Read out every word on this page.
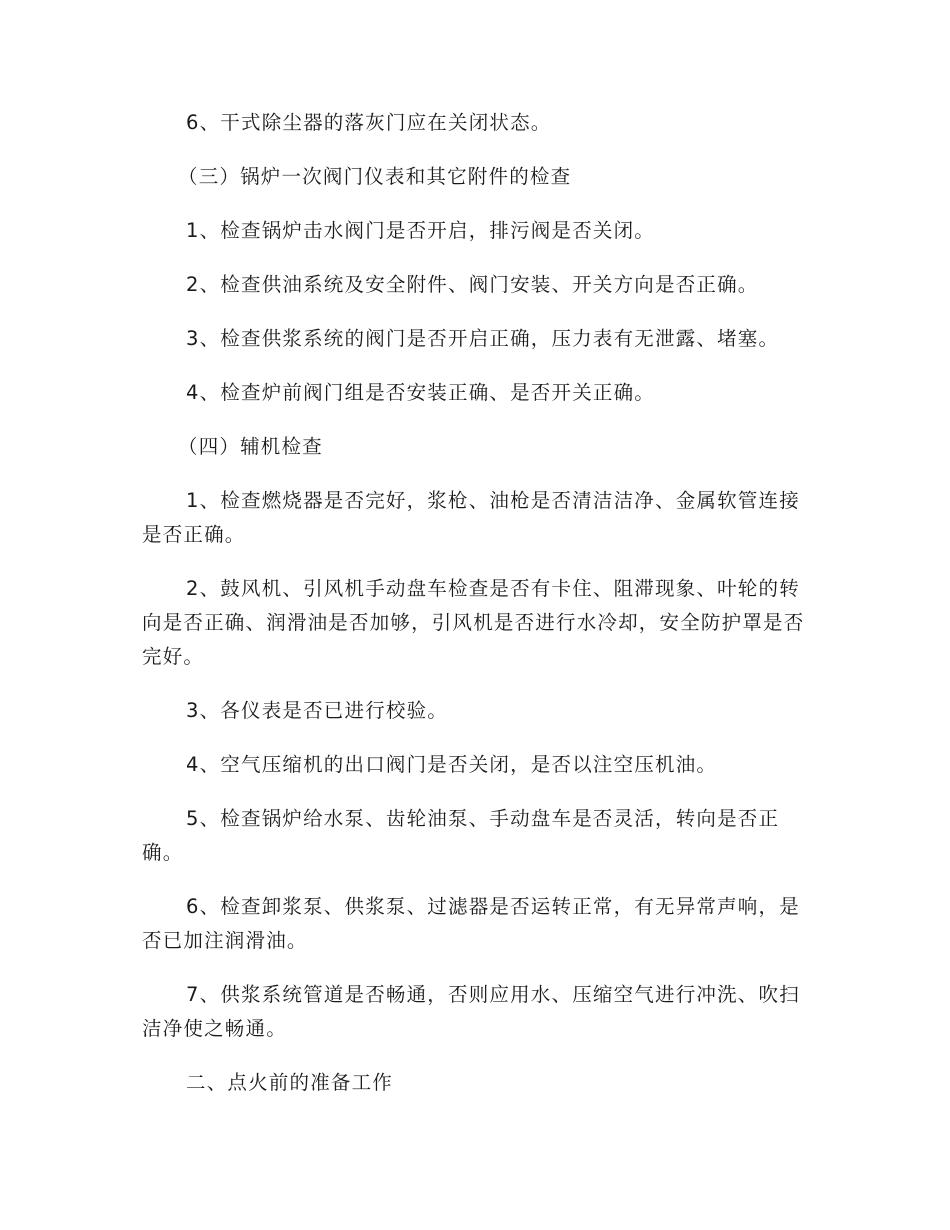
6、干式除尘器的落灰门应在关闭状态。

（三）锅炉一次阀门仪表和其它附件的检查

1、检查锅炉击水阀门是否开启，排污阀是否关闭。

2、检查供油系统及安全附件、阀门安装、开关方向是否正确。

3、检查供浆系统的阀门是否开启正确，压力表有无泄露、堵塞。

4、检查炉前阀门组是否安装正确、是否开关正确。

（四）辅机检查

1、检查燃烧器是否完好，浆枪、油枪是否清洁洁净、金属软管连接是否正确。

2、鼓风机、引风机手动盘车检查是否有卡住、阻滞现象、叶轮的转向是否正确、润滑油是否加够，引风机是否进行水冷却，安全防护罩是否完好。

3、各仪表是否已进行校验。

4、空气压缩机的出口阀门是否关闭，是否以注空压机油。

5、检查锅炉给水泵、齿轮油泵、手动盘车是否灵活，转向是否正确。

6、检查卸浆泵、供浆泵、过滤器是否运转正常，有无异常声响，是否已加注润滑油。

7、供浆系统管道是否畅通，否则应用水、压缩空气进行冲洗、吹扫洁净使之畅通。

二、点火前的准备工作
